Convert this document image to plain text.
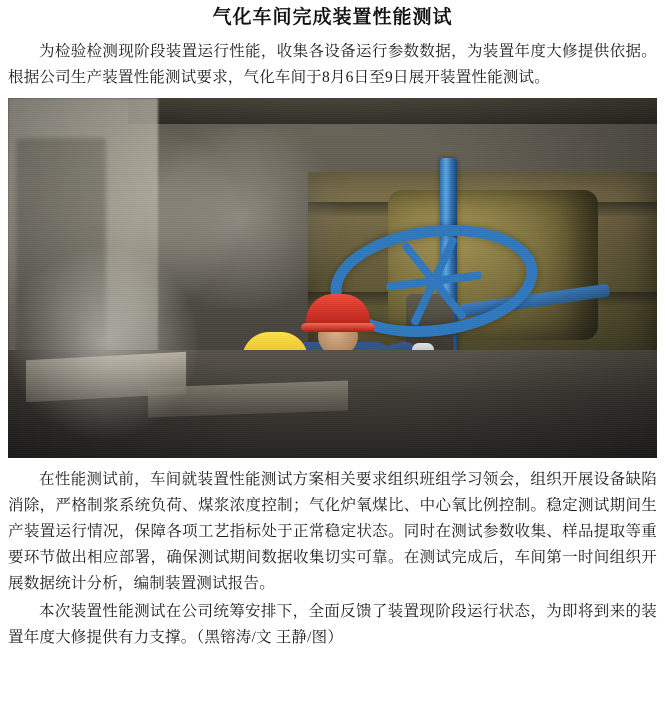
气化车间完成装置性能测试

为检验检测现阶段装置运行性能，收集各设备运行参数数据，为装置年度大修提供依据。根据公司生产装置性能测试要求，气化车间于8月6日至9日展开装置性能测试。

在性能测试前，车间就装置性能测试方案相关要求组织班组学习领会，组织开展设备缺陷消除，严格制浆系统负荷、煤浆浓度控制；气化炉氧煤比、中心氧比例控制。稳定测试期间生产装置运行情况，保障各项工艺指标处于正常稳定状态。同时在测试参数收集、样品提取等重要环节做出相应部署，确保测试期间数据收集切实可靠。在测试完成后，车间第一时间组织开展数据统计分析，编制装置测试报告。

本次装置性能测试在公司统筹安排下，全面反馈了装置现阶段运行状态，为即将到来的装置年度大修提供有力支撑。（黑镕涛/文 王静/图）
